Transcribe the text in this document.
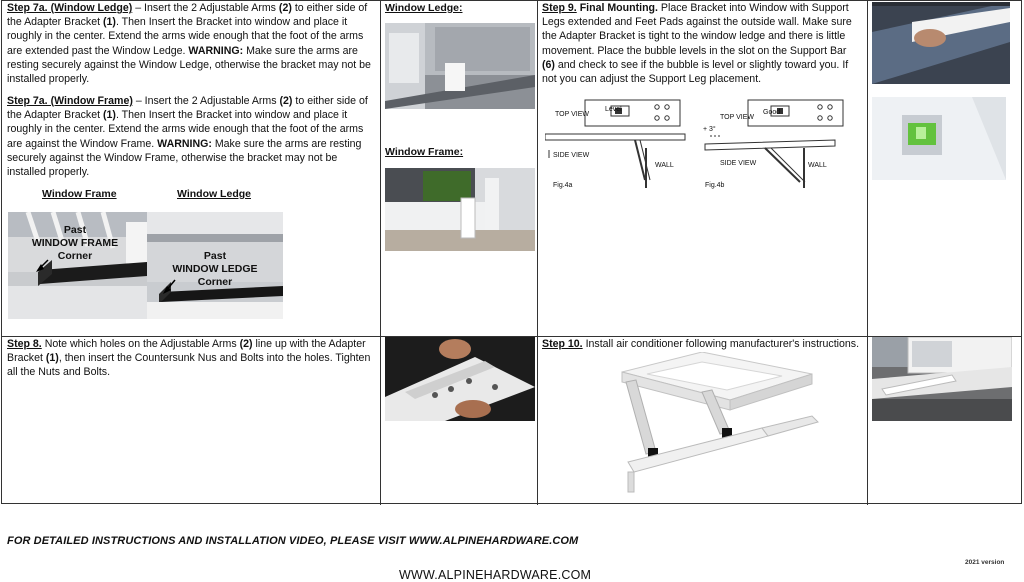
Step 7a. (Window Ledge) – Insert the 2 Adjustable Arms (2) to either side of the Adapter Bracket (1). Then Insert the Bracket into window and place it roughly in the center. Extend the arms wide enough that the foot of the arms are extended past the Window Ledge. WARNING: Make sure the arms are resting securely against the Window Ledge, otherwise the bracket may not be installed properly.
Step 7a. (Window Frame) – Insert the 2 Adjustable Arms (2) to either side of the Adapter Bracket (1). Then Insert the Bracket into window and place it roughly in the center. Extend the arms wide enough that the foot of the arms are against the Window Frame. WARNING: Make sure the arms are resting securely against the Window Frame, otherwise the bracket may not be installed properly.
Window Frame	Window Ledge
Past
WINDOW FRAME
Corner	Past
WINDOW LEDGE
Corner
Window Ledge:
Window Frame:
Step 9. Final Mounting. Place Bracket into Window with Support Legs extended and Feet Pads against the outside wall. Make sure the Adapter Bracket is tight to the window ledge and there is little movement. Place the bubble levels in the slot on the Support Bar (6) and check to see if the bubble is level or slightly toward you. If not you can adjust the Support Leg placement.
TOP VIEW
Level
SIDE VIEW
WALL
Fig.4a
TOP VIEW
Good
+ 3°
SIDE VIEW	WALL
Fig.4b
Step 8. Note which holes on the Adjustable Arms (2) line up with the Adapter Bracket (1), then insert the Countersunk Nus and Bolts into the holes. Tighten all the Nuts and Bolts.
Step 10. Install air conditioner following manufacturer's instructions.
FOR DETAILED INSTRUCTIONS AND INSTALLATION VIDEO, PLEASE VISIT WWW.ALPINEHARDWARE.COM
2021 version
WWW.ALPINEHARDWARE.COM
